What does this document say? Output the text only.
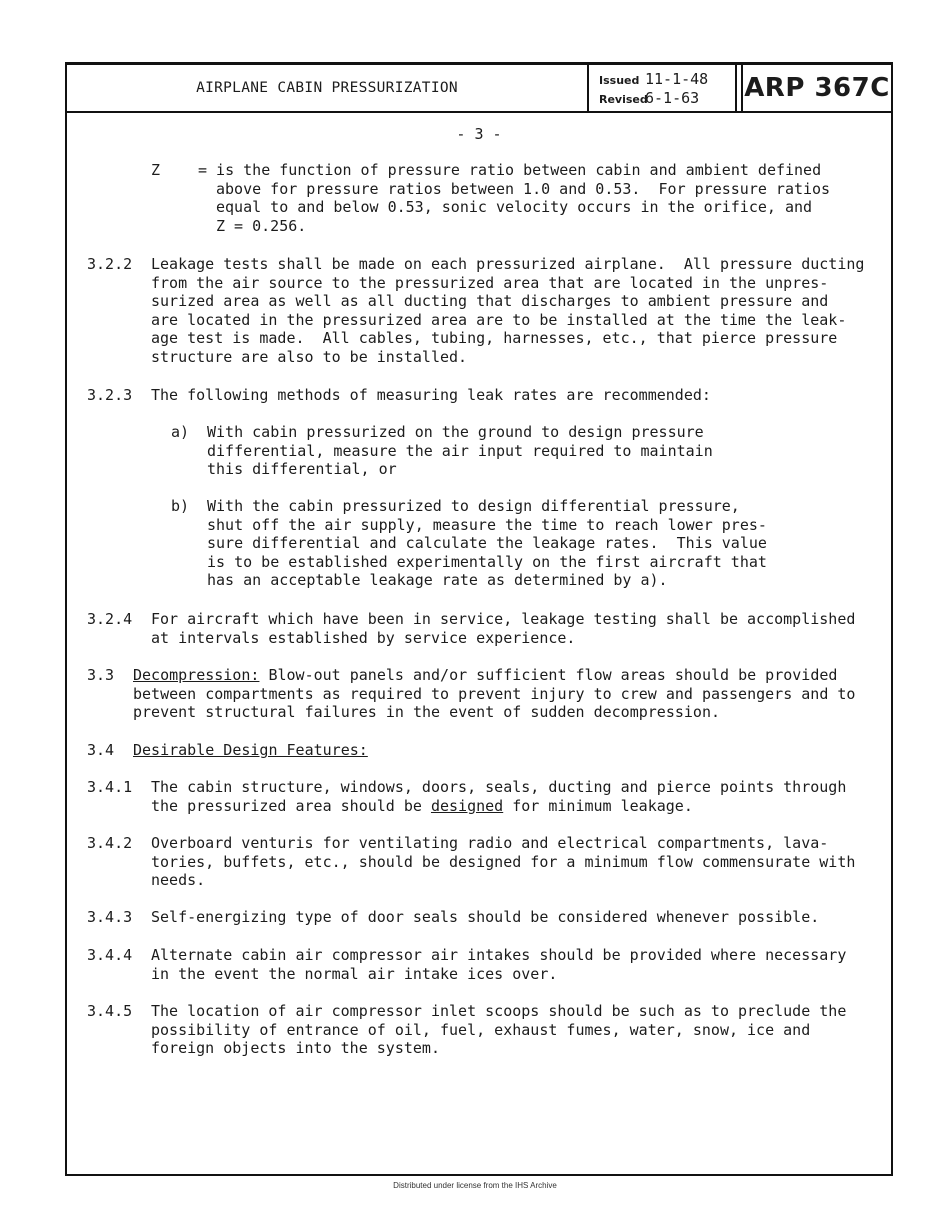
AIRPLANE CABIN PRESSURIZATION	Issued 11-1-48
Revised
6-1-63 ARP 367C
- 3 -
Z	= is the function of pressure ratio between cabin and ambient defined
above for pressure ratios between 1.0 and 0.53.  For pressure ratios
equal to and below 0.53, sonic velocity occurs in the orifice, and
Z = 0.256.
3.2.2 Leakage tests shall be made on each pressurized airplane.  All pressure ducting
from the air source to the pressurized area that are located in the unpres-
surized area as well as all ducting that discharges to ambient pressure and
are located in the pressurized area are to be installed at the time the leak-
age test is made.  All cables, tubing, harnesses, etc., that pierce pressure
structure are also to be installed.
3.2.3 The following methods of measuring leak rates are recommended:
a) With cabin pressurized on the ground to design pressure
differential, measure the air input required to maintain
this differential, or
b) With the cabin pressurized to design differential pressure,
shut off the air supply, measure the time to reach lower pres-
sure differential and calculate the leakage rates.  This value
is to be established experimentally on the first aircraft that
has an acceptable leakage rate as determined by a).
3.2.4 For aircraft which have been in service, leakage testing shall be accomplished
at intervals established by service experience.
3.3 Decompression: Blow-out panels and/or sufficient flow areas should be provided
between compartments as required to prevent injury to crew and passengers and to
prevent structural failures in the event of sudden decompression.
3.4 Desirable Design Features:
3.4.1 The cabin structure, windows, doors, seals, ducting and pierce points through
the pressurized area should be designed for minimum leakage.
3.4.2 Overboard venturis for ventilating radio and electrical compartments, lava-
tories, buffets, etc., should be designed for a minimum flow commensurate with
needs.
3.4.3 Self-energizing type of door seals should be considered whenever possible.
3.4.4 Alternate cabin air compressor air intakes should be provided where necessary
in the event the normal air intake ices over.
3.4.5 The location of air compressor inlet scoops should be such as to preclude the
possibility of entrance of oil, fuel, exhaust fumes, water, snow, ice and
foreign objects into the system.
Distributed under license from the IHS Archive
